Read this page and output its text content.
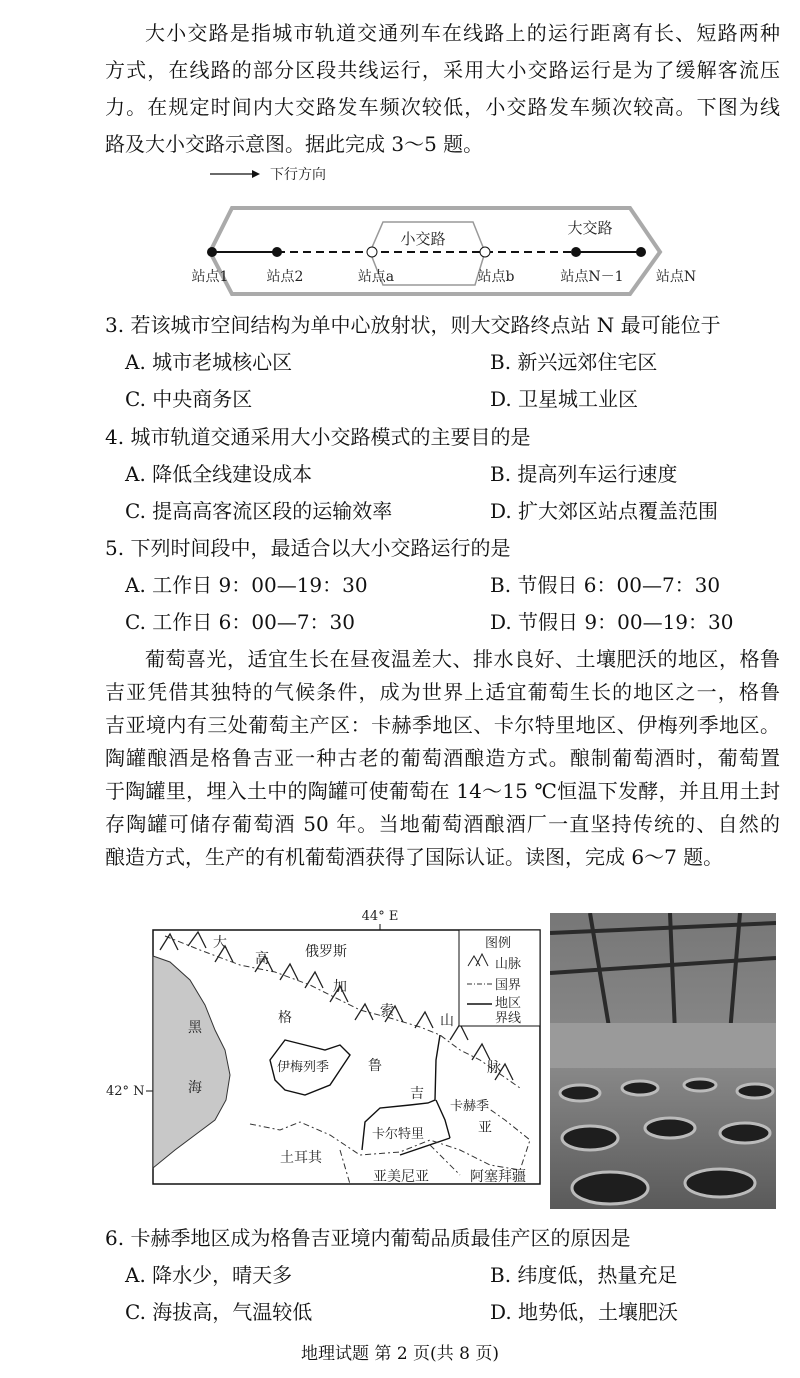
大小交路是指城市轨道交通列车在线路上的运行距离有长、短路两种
方式，在线路的部分区段共线运行，采用大小交路运行是为了缓解客流压
力。在规定时间内大交路发车频次较低，小交路发车频次较高。下图为线
路及大小交路示意图。据此完成 3～5 题。
下行方向
小交路
大交路
站点1	站点2	站点a	站点b	站点N－1 站点N
3. 若该城市空间结构为单中心放射状，则大交路终点站 N 最可能位于
A. 城市老城核心区	B. 新兴远郊住宅区
C. 中央商务区	D. 卫星城工业区
4. 城市轨道交通采用大小交路模式的主要目的是
A. 降低全线建设成本	B. 提高列车运行速度
C. 提高高客流区段的运输效率	D. 扩大郊区站点覆盖范围
5. 下列时间段中，最适合以大小交路运行的是
A. 工作日 9：00—19：30	B. 节假日 6：00—7：30
C. 工作日 6：00—7：30	D. 节假日 9：00—19：30
葡萄喜光，适宜生长在昼夜温差大、排水良好、土壤肥沃的地区，格鲁
吉亚凭借其独特的气候条件，成为世界上适宜葡萄生长的地区之一，格鲁
吉亚境内有三处葡萄主产区：卡赫季地区、卡尔特里地区、伊梅列季地区。
陶罐酿酒是格鲁吉亚一种古老的葡萄酒酿造方式。酿制葡萄酒时，葡萄置
于陶罐里，埋入土中的陶罐可使葡萄在 14～15 ℃恒温下发酵，并且用土封
存陶罐可储存葡萄酒 50 年。当地葡萄酒酿酒厂一直坚持传统的、自然的
酿造方式，生产的有机葡萄酒获得了国际认证。读图，完成 6～7 题。
44° E
42° N
黑
海
俄罗斯
土耳其
亚美尼亚	阿塞拜疆
伊梅列季
卡尔特里
卡赫季
格
鲁
吉
亚
大
高
加
索
山
脉
图例
山脉
国界
地区
界线
6. 卡赫季地区成为格鲁吉亚境内葡萄品质最佳产区的原因是
A. 降水少，晴天多	B. 纬度低，热量充足
C. 海拔高，气温较低	D. 地势低，土壤肥沃
地理试题 第 2 页(共 8 页)
